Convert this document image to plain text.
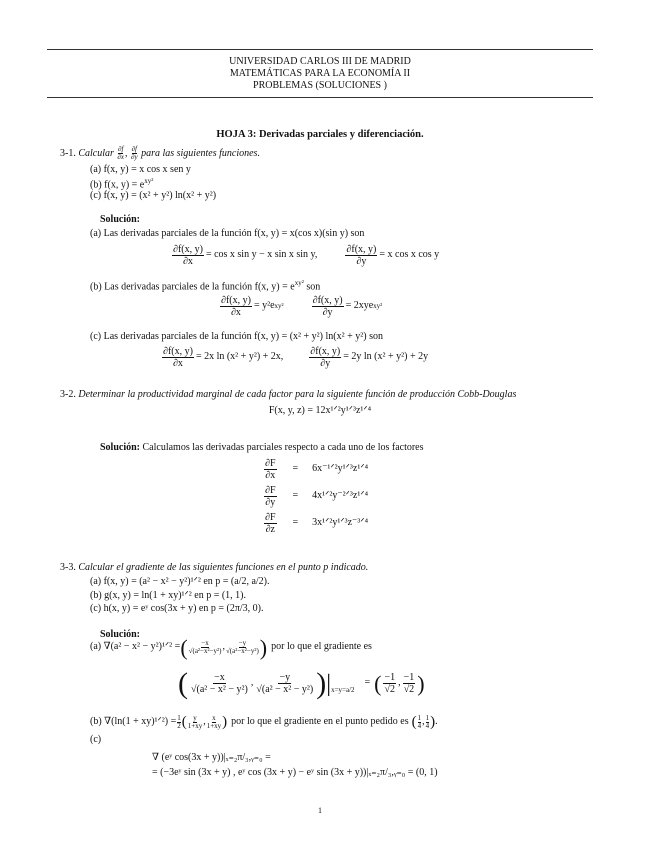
UNIVERSIDAD CARLOS III DE MADRID
MATEMÁTICAS PARA LA ECONOMÍA II
PROBLEMAS (SOLUCIONES )
HOJA 3: Derivadas parciales y diferenciación.
3-1. Calcular $\frac{\partial f}{\partial x}$ , $\frac{\partial f}{\partial y}$ para las siguientes funciones.
(a) f(x, y) = x cos x sen y
(b) f(x, $y) = e^{xy^2}$
(c) f(x, y) = (x² + y²) ln(x² + y²)
Solución:
(a) Las derivadas parciales de la función f(x, y) = x(cos x)(sin y) son
$\frac{\partial f(x, y)}{\partial x} = \cos x$ sin y − x sin x sin y,	$\frac{\partial f(x, y)}{\partial y} = x$ cos x cos y
(b) Las derivadas parciales de la función f(x, $y) = e^{xy^2}$ son
$\frac{\partial f(x, y)}{\partial x} = y^2e$ xy²	$\frac{\partial f(x, y)}{\partial y} = 2xye$ xy²
(c) Las derivadas parciales de la función f(x, y) = (x² + y²) ln(x² + y²) son
$\frac{\partial f(x, y)}{\partial x} = 2x$ ln (x² + y²) + 2x,	$\frac{\partial f(x, y)}{\partial y} = 2y$ ln (x² + y²) + 2y
3-2. Determinar la productividad marginal de cada factor para la siguiente función de producción Cobb-Douglas
F(x, y, z) = 12x¹ᐟ²y¹ᐟ³z¹ᐟ⁴
Solución: Calculamos las derivadas parciales respecto a cada uno de los factores
$\frac{\partial F}{\partial x}$ = 6x⁻¹ᐟ²y¹ᐟ³z¹ᐟ⁴
$\frac{\partial F}{\partial y}$ = 4x¹ᐟ²y⁻²ᐟ³z¹ᐟ⁴
$\frac{\partial F}{\partial z}$ = 3x¹ᐟ²y¹ᐟ³z⁻³ᐟ⁴
3-3. Calcular el gradiente de las siguientes funciones en el punto p indicado.
(a) f(x, y) = (a² − x² − y²)¹ᐟ² en p = (a/2, a/2).
(b) g(x, y) = ln(1 + xy)¹ᐟ² en p = (1, 1).
(c) h(x, y) = eʸ cos(3x + y) en p = (2π/3, 0).
Solución:
(a) ∇(a² − x² − y²)¹ᐟ² = ( −x
√(a²−x²−y²) , −y
√(a²−x²−y²) ) por lo que el gradiente es
( $\frac{-x}{\text{√(a² − x² − y²)}}$ , $\frac{-y}{\text{√(a² − x² − y²)}}$ ) | x=y=a/2
= ( $\frac{-1}{√2}$ , $\frac{-1}{√2}$ )
(b) ∇(ln(1 + xy)¹ᐟ²) = $\frac{1}{2}$ ( y
1+xy , x
1+xy ) por lo que el gradiente en el punto pedido es ( 1
4 , 1
4 ) .
(c)
∇ (eʸ cos(3x + y))|ₓ₌₂π/₃,ᵧ₌₀ =
= (−3eʸ sin (3x + y) , eʸ cos (3x + y) − eʸ sin (3x + y))|ₓ₌₂π/₃,ᵧ₌₀ = (0, 1)
1
